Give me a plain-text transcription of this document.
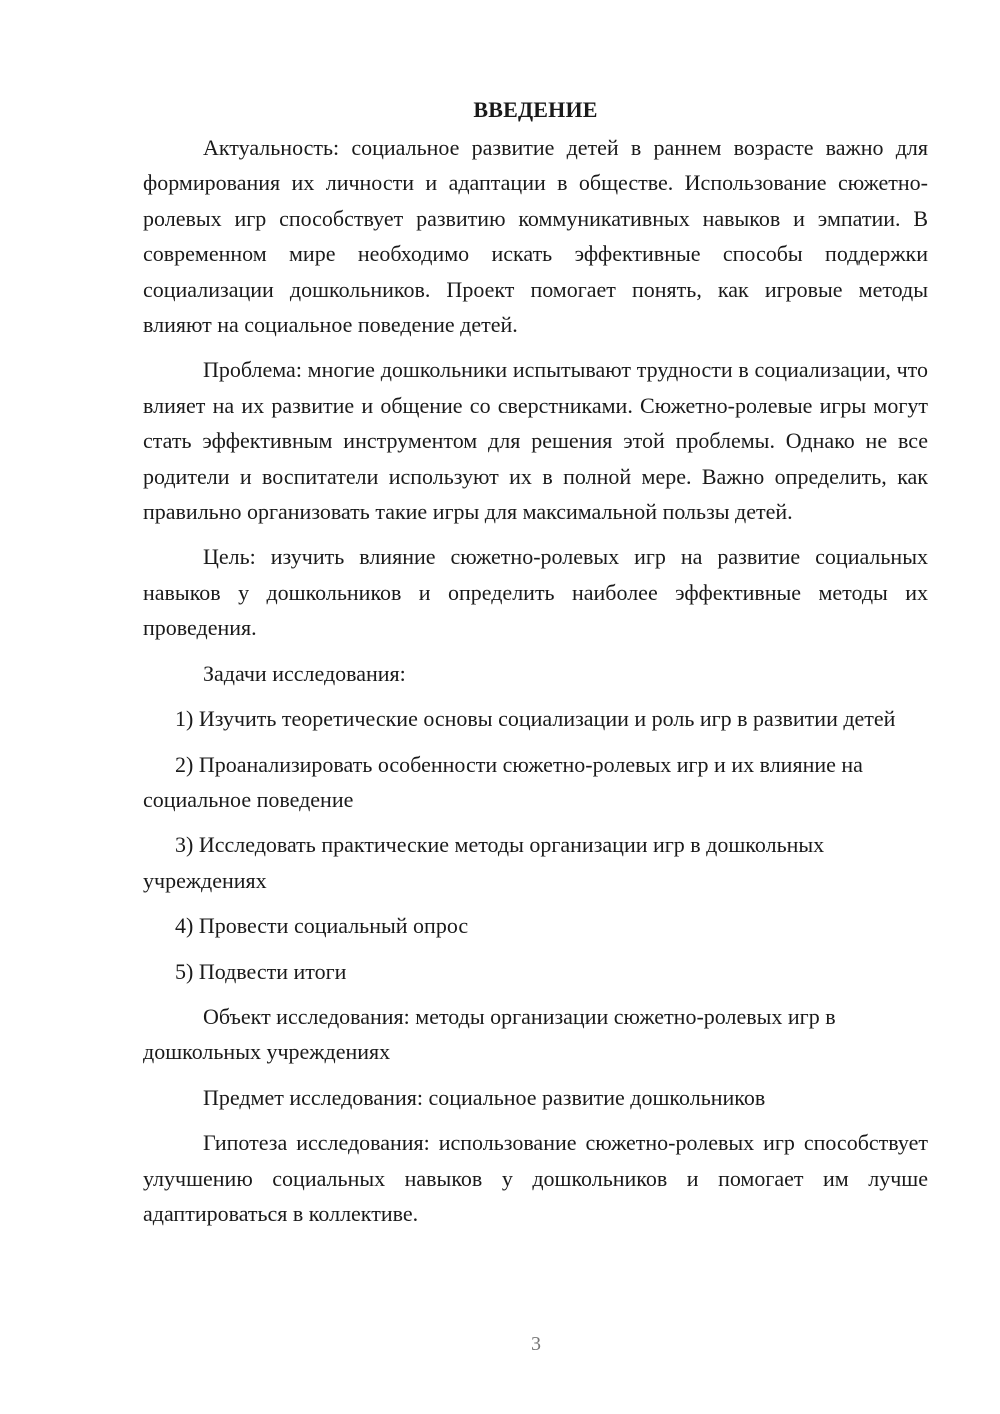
ВВЕДЕНИЕ

Актуальность: социальное развитие детей в раннем возрасте важно для формирования их личности и адаптации в обществе. Использование сюжетно-ролевых игр способствует развитию коммуникативных навыков и эмпатии. В современном мире необходимо искать эффективные способы поддержки социализации дошкольников. Проект помогает понять, как игровые методы влияют на социальное поведение детей.

Проблема: многие дошкольники испытывают трудности в социализации, что влияет на их развитие и общение со сверстниками. Сюжетно-ролевые игры могут стать эффективным инструментом для решения этой проблемы. Однако не все родители и воспитатели используют их в полной мере. Важно определить, как правильно организовать такие игры для максимальной пользы детей.

Цель: изучить влияние сюжетно-ролевых игр на развитие социальных навыков у дошкольников и определить наиболее эффективные методы их проведения.

Задачи исследования:

1) Изучить теоретические основы социализации и роль игр в развитии детей

2) Проанализировать особенности сюжетно-ролевых игр и их влияние на социальное поведение

3) Исследовать практические методы организации игр в дошкольных учреждениях

4) Провести социальный опрос

5) Подвести итоги

Объект исследования: методы организации сюжетно-ролевых игр в дошкольных учреждениях

Предмет исследования: социальное развитие дошкольников

Гипотеза исследования: использование сюжетно-ролевых игр способствует улучшению социальных навыков у дошкольников и помогает им лучше адаптироваться в коллективе.

3
